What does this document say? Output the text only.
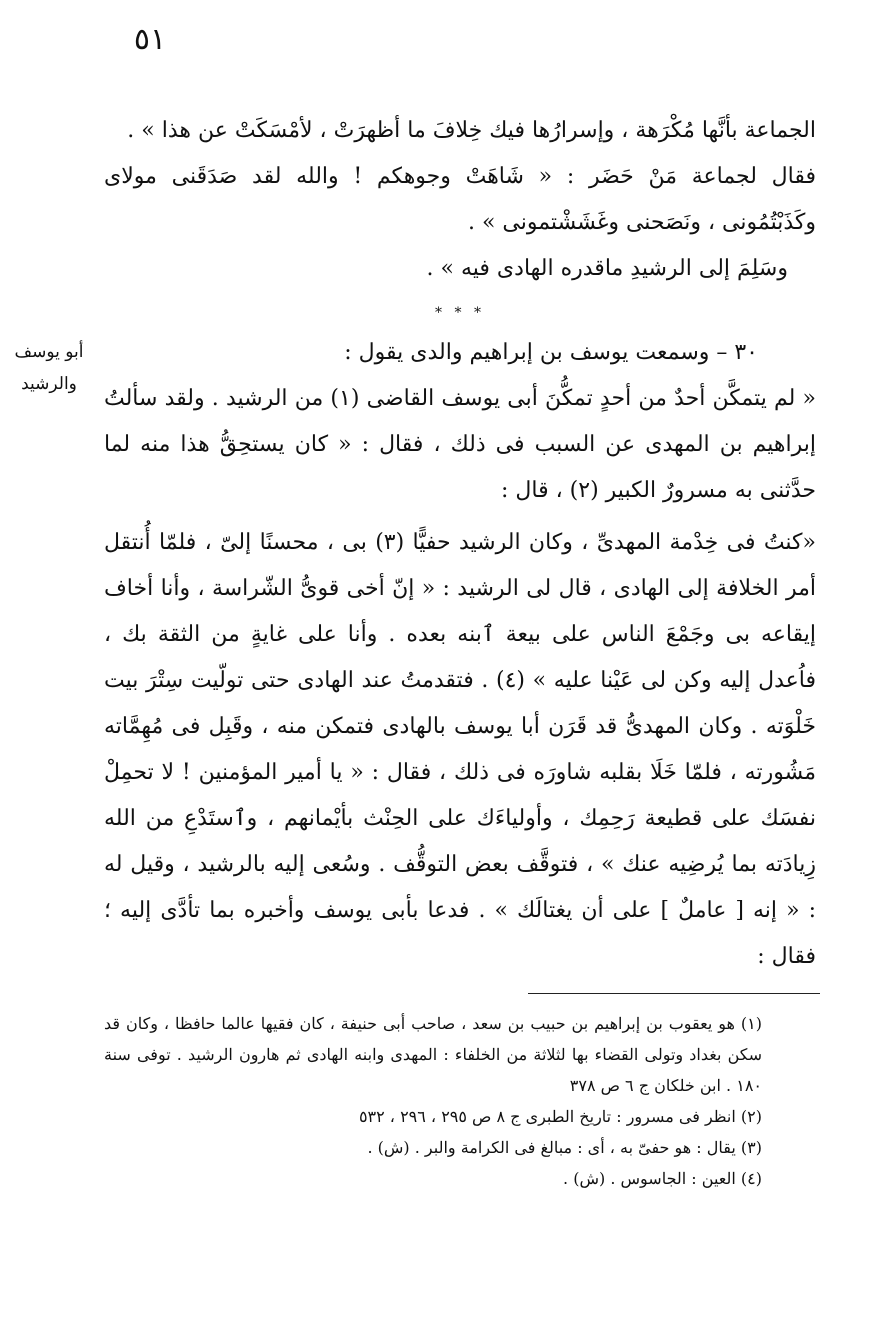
٥١
أبو يوسف
والرشيد

الجماعة بأنَّها مُكْرَهة ، وإسرارُها فيك خِلافَ ما أظهرَتْ ، لأمْسَكَتْ عن هذا » .

فقال لجماعة مَنْ حَضَر : « شَاهَتْ وجوهكم ! والله لقد صَدَقَنى مولاى وكَذَبْتُمُونى ، ونَصَحنى وغَشَشْتمونى » .

وسَلِمَ إلى الرشيدِ ماقدره الهادى فيه » .

* * *

٣٠ – وسمعت يوسف بن إبراهيم والدى يقول :

« لم يتمكَّن أحدٌ من أحدٍ تمكُّنَ أبى يوسف القاضى (١) من الرشيد . ولقد سألتُ إبراهيم بن المهدى عن السبب فى ذلك ، فقال : « كان يستحِقُّ هذا منه لما حدَّثنى به مسرورٌ الكبير (٢) ، قال :

«كنتُ فى خِدْمة المهدىِّ ، وكان الرشيد حفيًّا (٣) بى ، محسنًا إلىّ ، فلمّا أُنتقل أمر الخلافة إلى الهادى ، قال لى الرشيد : « إنّ أخى قوىُّ الشّراسة ، وأنا أخاف إيقاعه بى وجَمْعَ الناس على بيعة ٱبنه بعده . وأنا على غايةٍ من الثقة بك ، فاُعدل إليه وكن لى عَيْنا عليه » (٤) . فتقدمتُ عند الهادى حتى تولّيت سِتْرَ بيت خَلْوَته . وكان المهدىُّ قد قَرَن أبا يوسف بالهادى فتمكن منه ، وقَبِل فى مُهِمَّاته مَشُورته ، فلمّا خَلَا بقلبه شاورَه فى ذلك ، فقال : « يا أمير المؤمنين ! لا تحمِلْ نفسَك على قطيعة رَحِمِك ، وأولياءَك على الحِنْث بأيْمانهم ، وٱستَدْعِ من الله زِيادَته بما يُرضِيه عنك » ، فتوقَّف بعض التوقُّف . وسُعى إليه بالرشيد ، وقيل له : « إنه [ عاملٌ ] على أن يغتالَك » . فدعا بأبى يوسف وأخبره بما تأدَّى إليه ؛ فقال :

(١) هو يعقوب بن إبراهيم بن حبيب بن سعد ، صاحب أبى حنيفة ، كان فقيها عالما حافظا ، وكان قد سكن بغداد وتولى القضاء بها لثلاثة من الخلفاء : المهدى وابنه الهادى ثم هارون الرشيد . توفى سنة ١٨٠ . ابن خلكان ج ٦ ص ٣٧٨

(٢) انظر فى مسرور : تاريخ الطبرى ج ٨ ص ٢٩٥ ، ٢٩٦ ، ٥٣٢

(٣) يقال : هو حفىّ به ، أى : مبالغ فى الكرامة والبر . (ش) .

(٤) العين : الجاسوس . (ش) .
